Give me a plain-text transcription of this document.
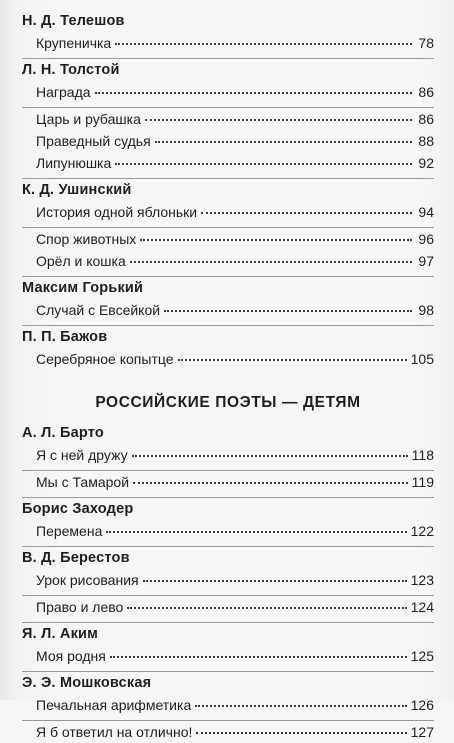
Н. Д. Телешов
Крупеничка	78
Л. Н. Толстой
Награда	86
Царь и рубашка	86
Праведный судья	88
Липунюшка	92
К. Д. Ушинский
История одной яблоньки	94
Спор животных	96
Орёл и кошка	97
Максим Горький
Случай с Евсейкой	98
П. П. Бажов
Серебряное копытце	105
РОССИЙСКИЕ ПОЭТЫ — ДЕТЯМ
А. Л. Барто
Я с ней дружу	118
Мы с Тамарой	119
Борис Заходер
Перемена	122
В. Д. Берестов
Урок рисования	123
Право и лево	124
Я. Л. Аким
Моя родня	125
Э. Э. Мошковская
Печальная арифметика	126
Я б ответил на отлично!	127
